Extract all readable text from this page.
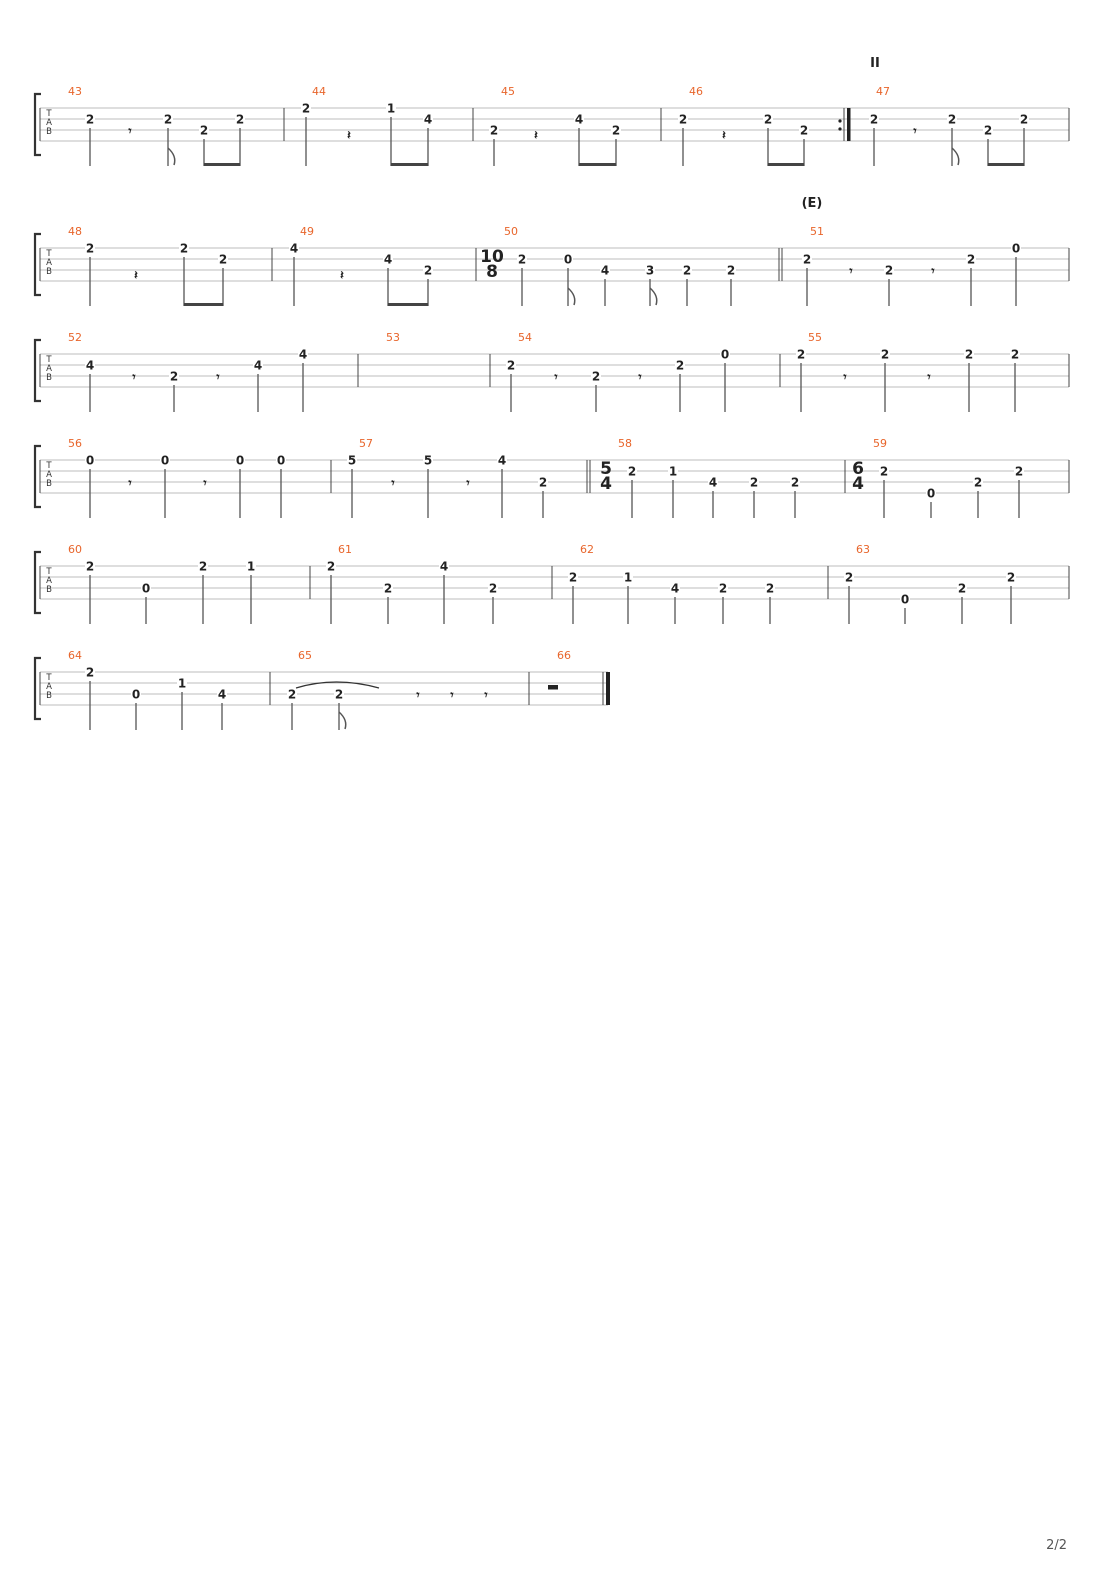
T
A
B
43
2
𝄾
2
2
2
44
2
𝄽
1
4
45
2	𝄽
4
2
46
2
𝄽
2
2
47
2
𝄾
2
2
2
T
A
B
48
2
𝄽
2
2
49
4
𝄽
4
2
50
10
8
2	0
4	3 2	2
51
2
𝄾	2	𝄾
2
0
T
A
B
52
4
𝄾	2	𝄾
4
4
53	54
2
𝄾	2	𝄾
2
0
55
2
𝄾
2
𝄾
2	2
T
A
B
56
0
𝄾
0
𝄾
0	0
57
5
𝄾
5
𝄾
4
2
58
5
4
2	1
4	2	2
59
6
4
2
0
2
2
T
A
B
60
2
0
2	1
61
2
2
4
2
62
2	1
4	2	2
63
2
0
2
2
T
A
B
64
2
0
1
4
65
2	2	𝄾	𝄾	𝄾
66
II
(E)
2/2
